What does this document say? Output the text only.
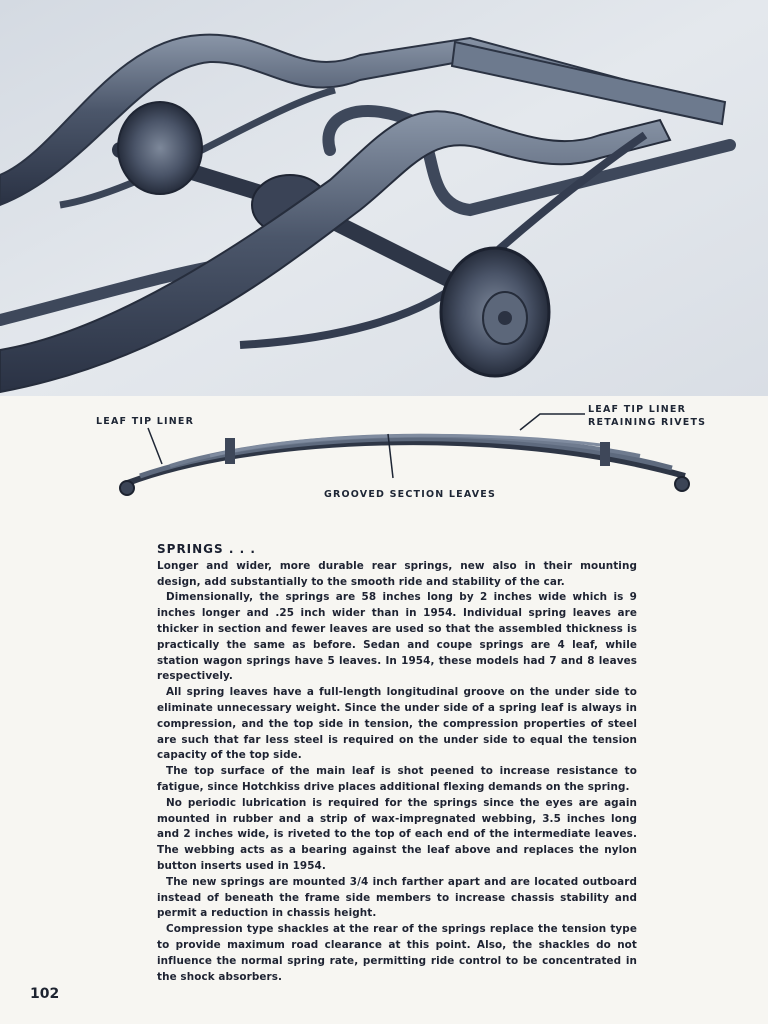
LEAF TIP LINER

LEAF TIP LINER

RETAINING RIVETS

GROOVED SECTION LEAVES

SPRINGS . . .

Longer and wider, more durable rear springs, new also in their mounting design, add substantially to the smooth ride and stability of the car.

Dimensionally, the springs are 58 inches long by 2 inches wide which is 9 inches longer and .25 inch wider than in 1954. Individual spring leaves are thicker in section and fewer leaves are used so that the assembled thickness is practically the same as before. Sedan and coupe springs are 4 leaf, while station wagon springs have 5 leaves. In 1954, these models had 7 and 8 leaves respectively.

All spring leaves have a full-length longitudinal groove on the under side to eliminate unnecessary weight. Since the under side of a spring leaf is always in compression, and the top side in tension, the compression properties of steel are such that far less steel is required on the under side to equal the tension capacity of the top side.

The top surface of the main leaf is shot peened to increase resistance to fatigue, since Hotchkiss drive places additional flexing demands on the spring.

No periodic lubrication is required for the springs since the eyes are again mounted in rubber and a strip of wax-impregnated webbing, 3.5 inches long and 2 inches wide, is riveted to the top of each end of the intermediate leaves. The webbing acts as a bearing against the leaf above and replaces the nylon button inserts used in 1954.

The new springs are mounted 3/4 inch farther apart and are located outboard instead of beneath the frame side members to increase chassis stability and permit a reduction in chassis height.

Compression type shackles at the rear of the springs replace the tension type to provide maximum road clearance at this point. Also, the shackles do not influence the normal spring rate, permitting ride control to be concentrated in the shock absorbers.

102
